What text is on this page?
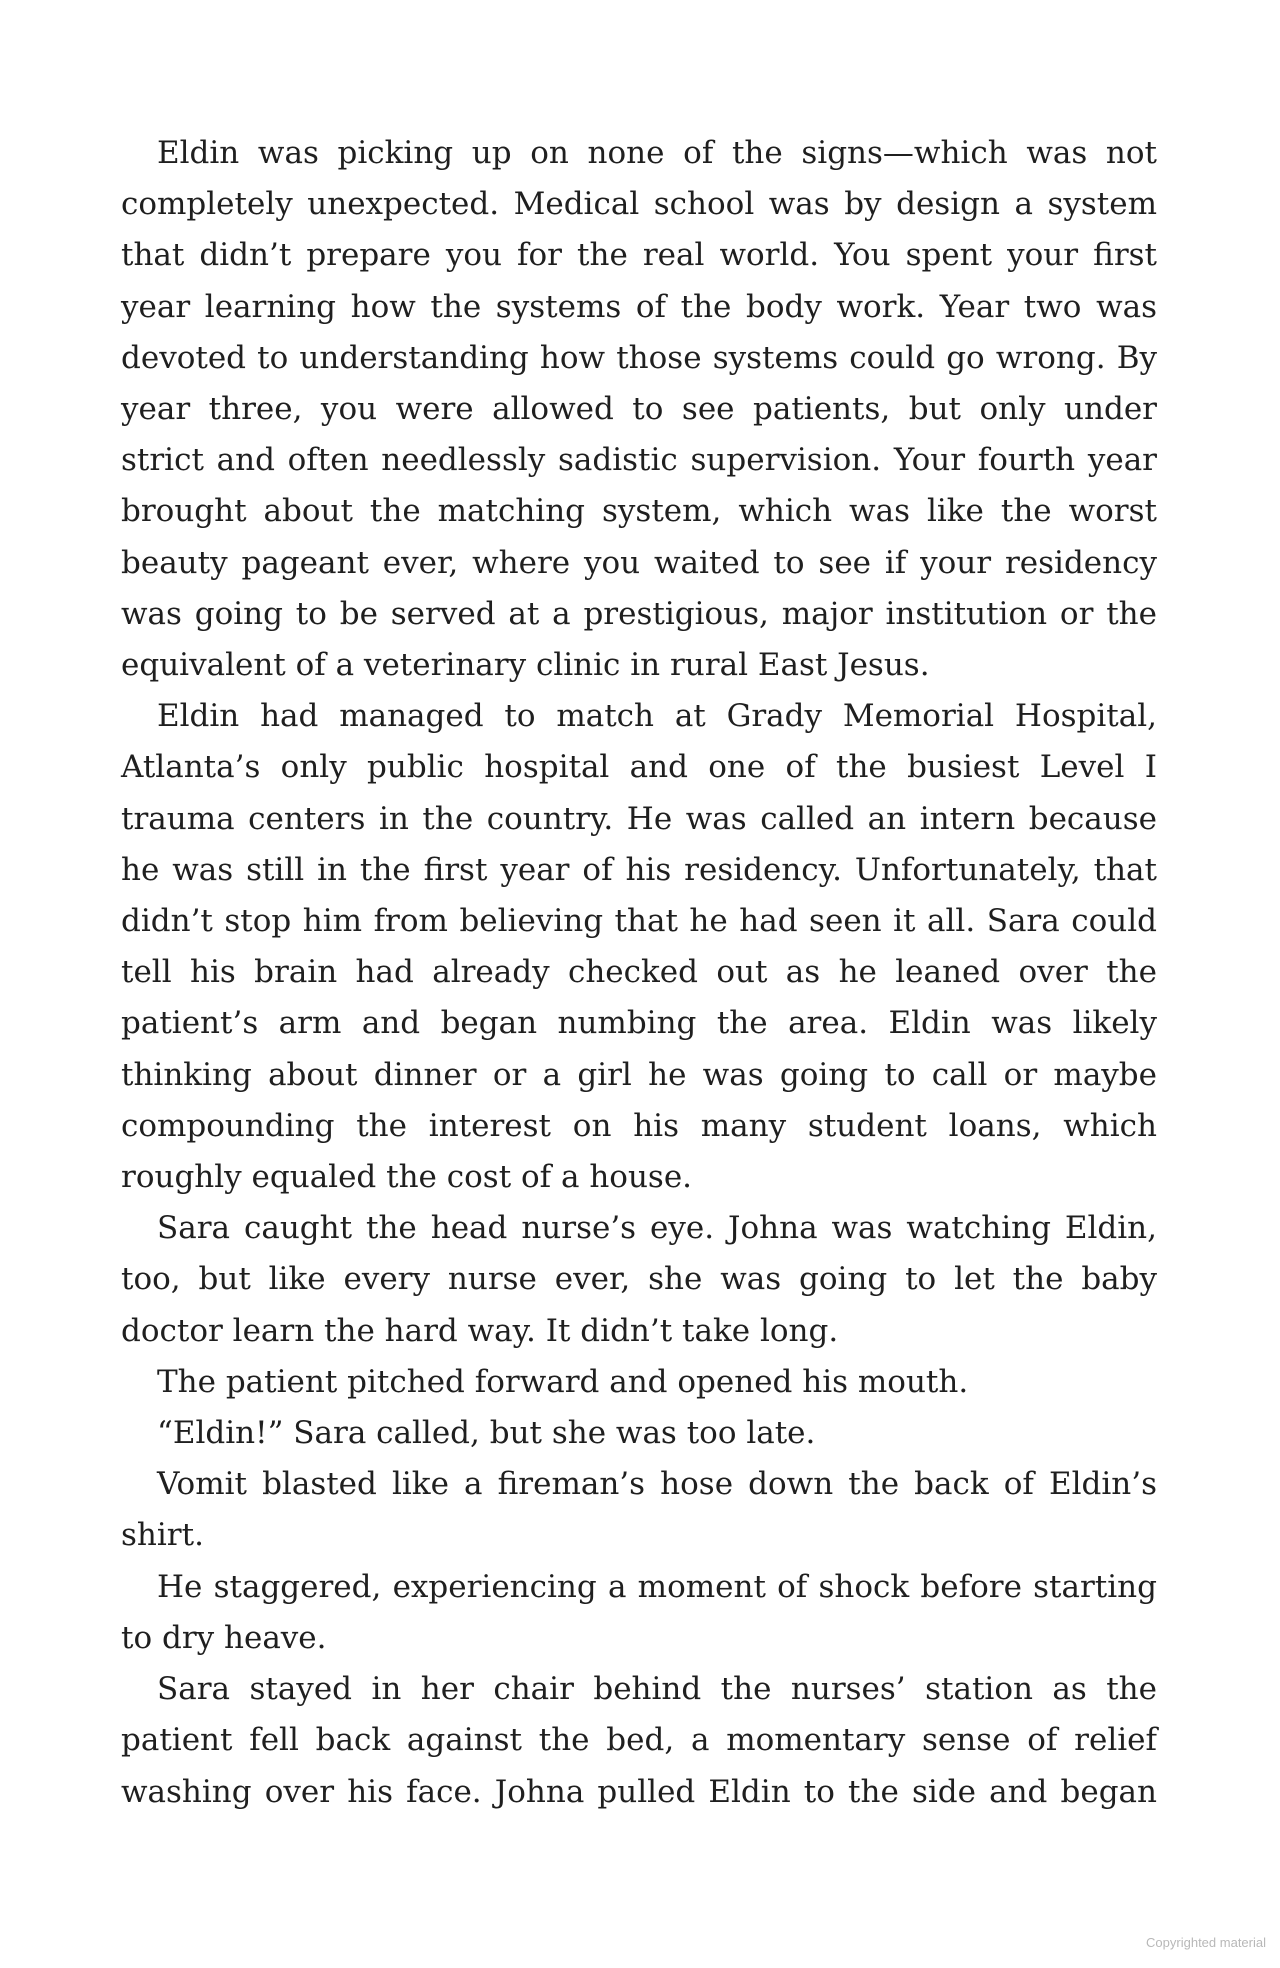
Eldin was picking up on none of the signs—which was not completely unexpected. Medical school was by design a system that didn’t prepare you for the real world. You spent your first year learning how the systems of the body work. Year two was devoted to understanding how those systems could go wrong. By year three, you were allowed to see patients, but only under strict and often needlessly sadistic supervision. Your fourth year brought about the matching system, which was like the worst beauty pageant ever, where you waited to see if your residency was going to be served at a prestigious, major institution or the equivalent of a veterinary clinic in rural East Jesus.

Eldin had managed to match at Grady Memorial Hospital, Atlanta’s only public hospital and one of the busiest Level I trauma centers in the country. He was called an intern because he was still in the first year of his residency. Unfortunately, that didn’t stop him from believing that he had seen it all. Sara could tell his brain had already checked out as he leaned over the patient’s arm and began numbing the area. Eldin was likely thinking about dinner or a girl he was going to call or maybe compounding the interest on his many student loans, which roughly equaled the cost of a house.

Sara caught the head nurse’s eye. Johna was watching Eldin, too, but like every nurse ever, she was going to let the baby doctor learn the hard way. It didn’t take long.

The patient pitched forward and opened his mouth.

“Eldin!” Sara called, but she was too late.

Vomit blasted like a fireman’s hose down the back of Eldin’s shirt.

He staggered, experiencing a moment of shock before starting to dry heave.

Sara stayed in her chair behind the nurses’ station as the patient fell back against the bed, a momentary sense of relief washing over his face. Johna pulled Eldin to the side and began

Copyrighted material
